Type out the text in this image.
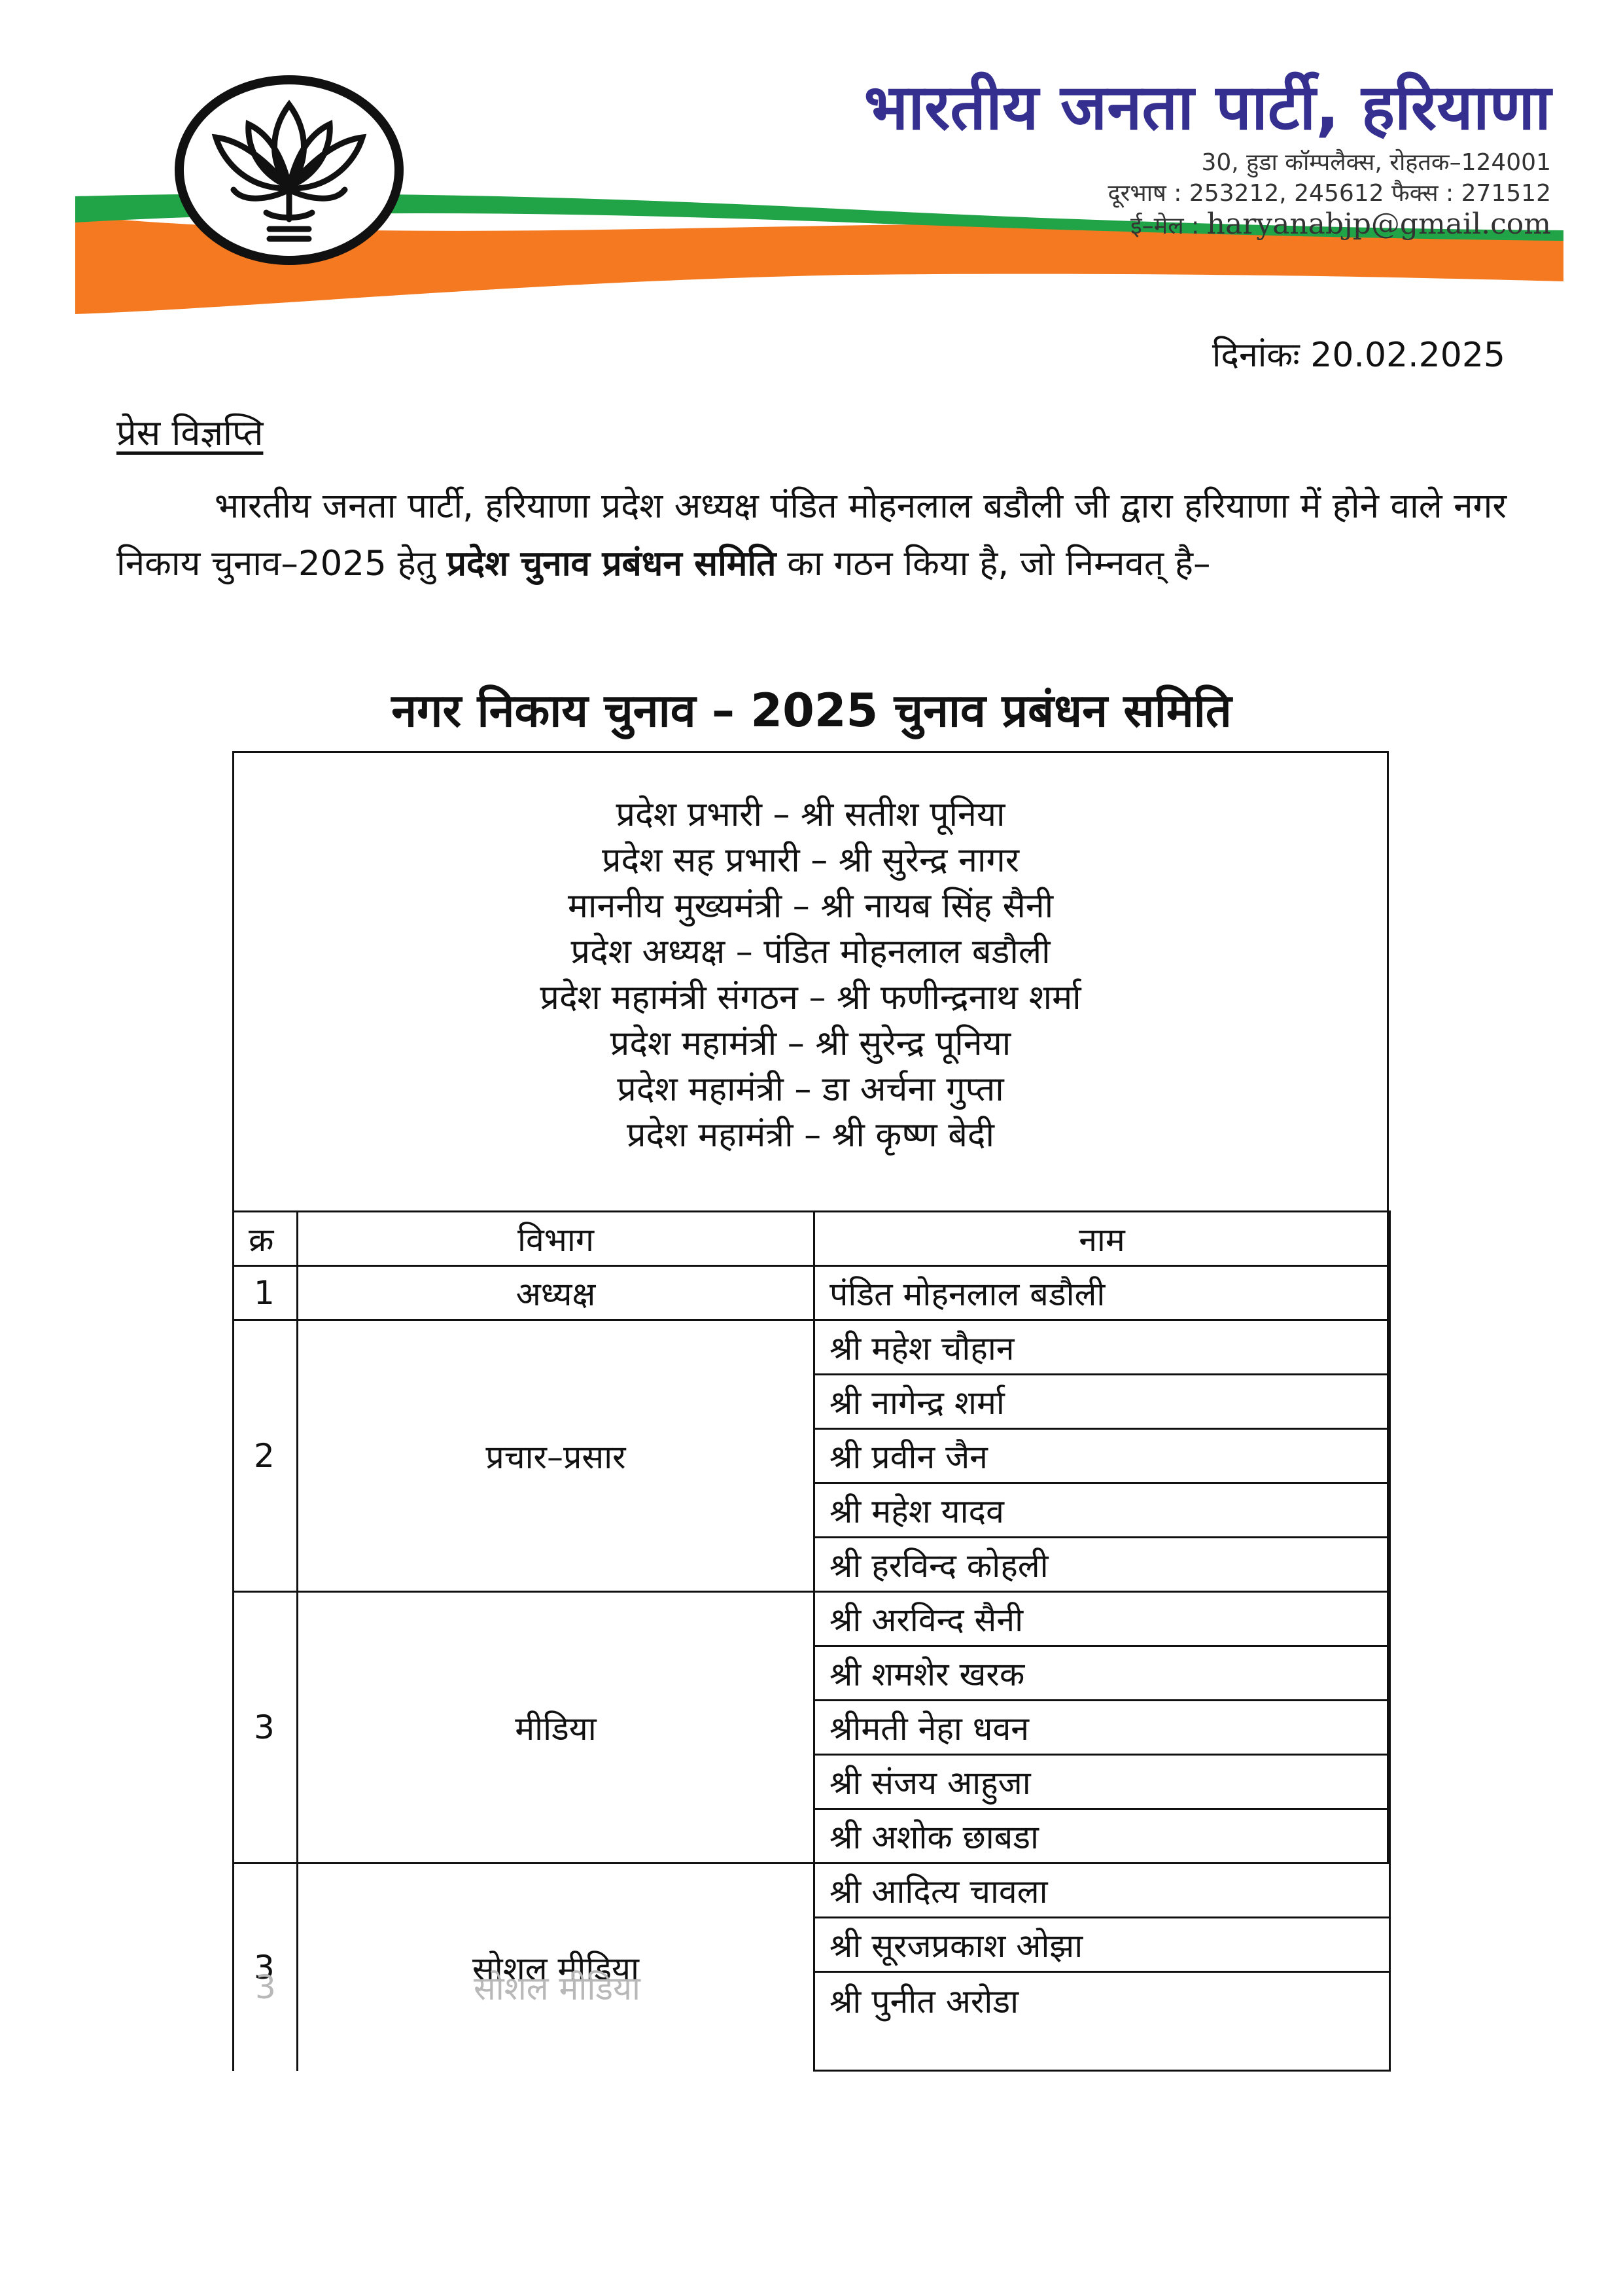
भारतीय जनता पार्टी, हरियाणा
30, हुडा कॉम्पलैक्स, रोहतक–124001
दूरभाष : 253212, 245612 फैक्स : 271512
ई–मेल : haryanabjp@gmail.com
दिनांकः 20.02.2025
प्रेस विज्ञप्ति

भारतीय जनता पार्टी, हरियाणा प्रदेश अध्यक्ष पंडित मोहनलाल बडौली जी द्वारा हरियाणा में होने वाले नगर निकाय चुनाव–2025 हेतु प्रदेश चुनाव प्रबंधन समिति का गठन किया है, जो निम्नवत् है–

नगर निकाय चुनाव – 2025 चुनाव प्रबंधन समिति
प्रदेश प्रभारी – श्री सतीश पूनिया
प्रदेश सह प्रभारी – श्री सुरेन्द्र नागर
माननीय मुख्यमंत्री – श्री नायब सिंह सैनी
प्रदेश अध्यक्ष – पंडित मोहनलाल बडौली
प्रदेश महामंत्री संगठन – श्री फणीन्द्रनाथ शर्मा
प्रदेश महामंत्री – श्री सुरेन्द्र पूनिया
प्रदेश महामंत्री – डा अर्चना गुप्ता
प्रदेश महामंत्री – श्री कृष्ण बेदी
क्र	विभाग	नाम
1	अध्यक्ष	पंडित मोहनलाल बडौली
2	प्रचार–प्रसार	श्री महेश चौहान
		श्री नागेन्द्र शर्मा
		श्री प्रवीन जैन
		श्री महेश यादव
		श्री हरविन्द कोहली
3	मीडिया	श्री अरविन्द सैनी
		श्री शमशेर खरक
		श्रीमती नेहा धवन
		श्री संजय आहुजा
		श्री अशोक छाबडा
3 3	सोशल मीडिया सोशल मीडिया	श्री आदित्य चावला
		श्री सूरजप्रकाश ओझा
		श्री पुनीत अरोडा
